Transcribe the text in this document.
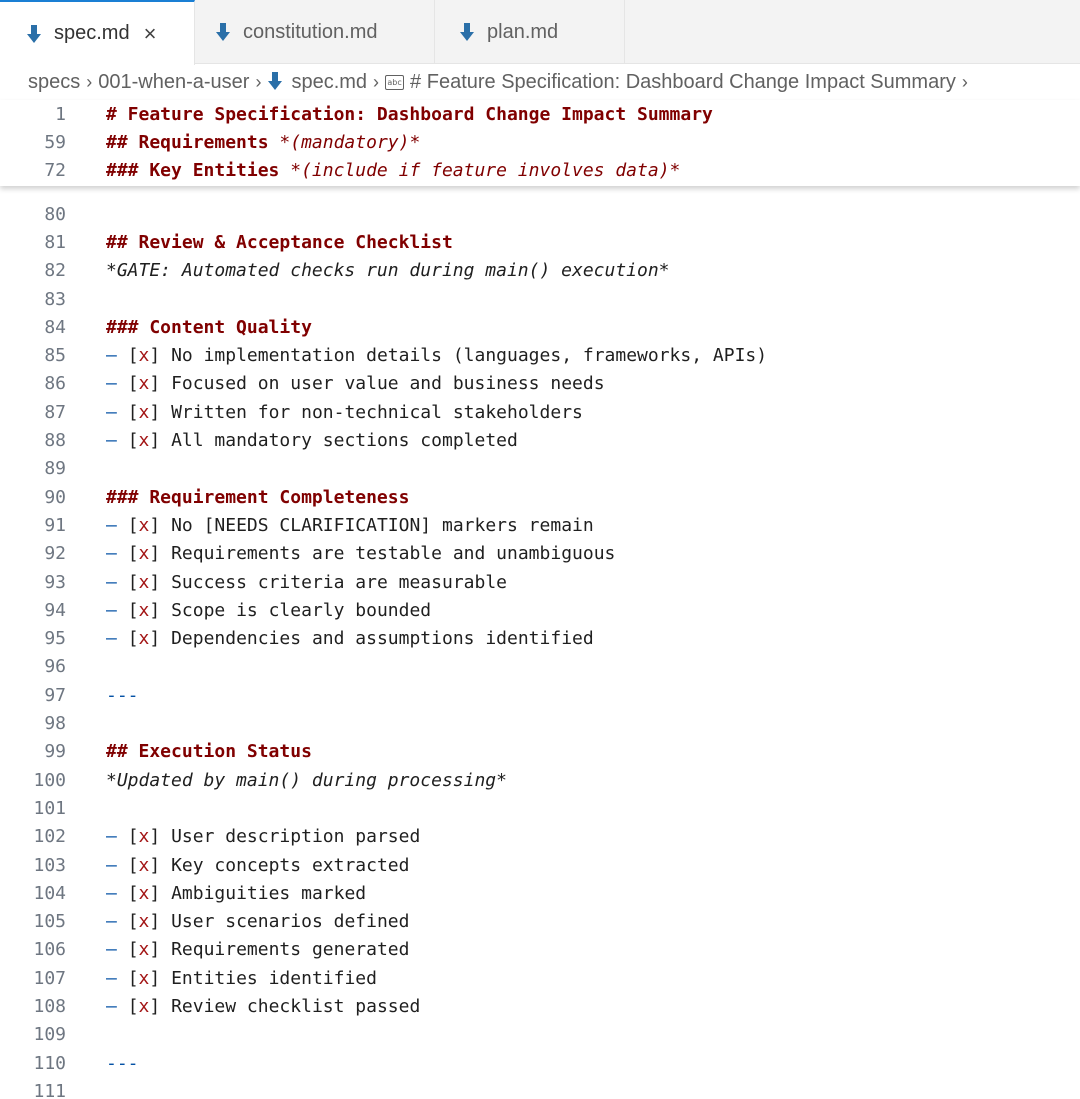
spec.md ×	constitution.md	plan.md
specs › 001-when-a-user › spec.md › abc # Feature Specification: Dashboard Change Impact Summary ›
1 # Feature Specification: Dashboard Change Impact Summary
59 ## Requirements *(mandatory)*
72 ### Key Entities *(include if feature involves data)*
80
81 ## Review & Acceptance Checklist
82 *GATE: Automated checks run during main() execution*
83
84 ### Content Quality
85 – [x] No implementation details (languages, frameworks, APIs)
86 – [x] Focused on user value and business needs
87 – [x] Written for non-technical stakeholders
88 – [x] All mandatory sections completed
89
90 ### Requirement Completeness
91 – [x] No [NEEDS CLARIFICATION] markers remain
92 – [x] Requirements are testable and unambiguous
93 – [x] Success criteria are measurable
94 – [x] Scope is clearly bounded
95 – [x] Dependencies and assumptions identified
96
97 ---
98
99 ## Execution Status
100 *Updated by main() during processing*
101
102 – [x] User description parsed
103 – [x] Key concepts extracted
104 – [x] Ambiguities marked
105 – [x] User scenarios defined
106 – [x] Requirements generated
107 – [x] Entities identified
108 – [x] Review checklist passed
109
110 ---
111
